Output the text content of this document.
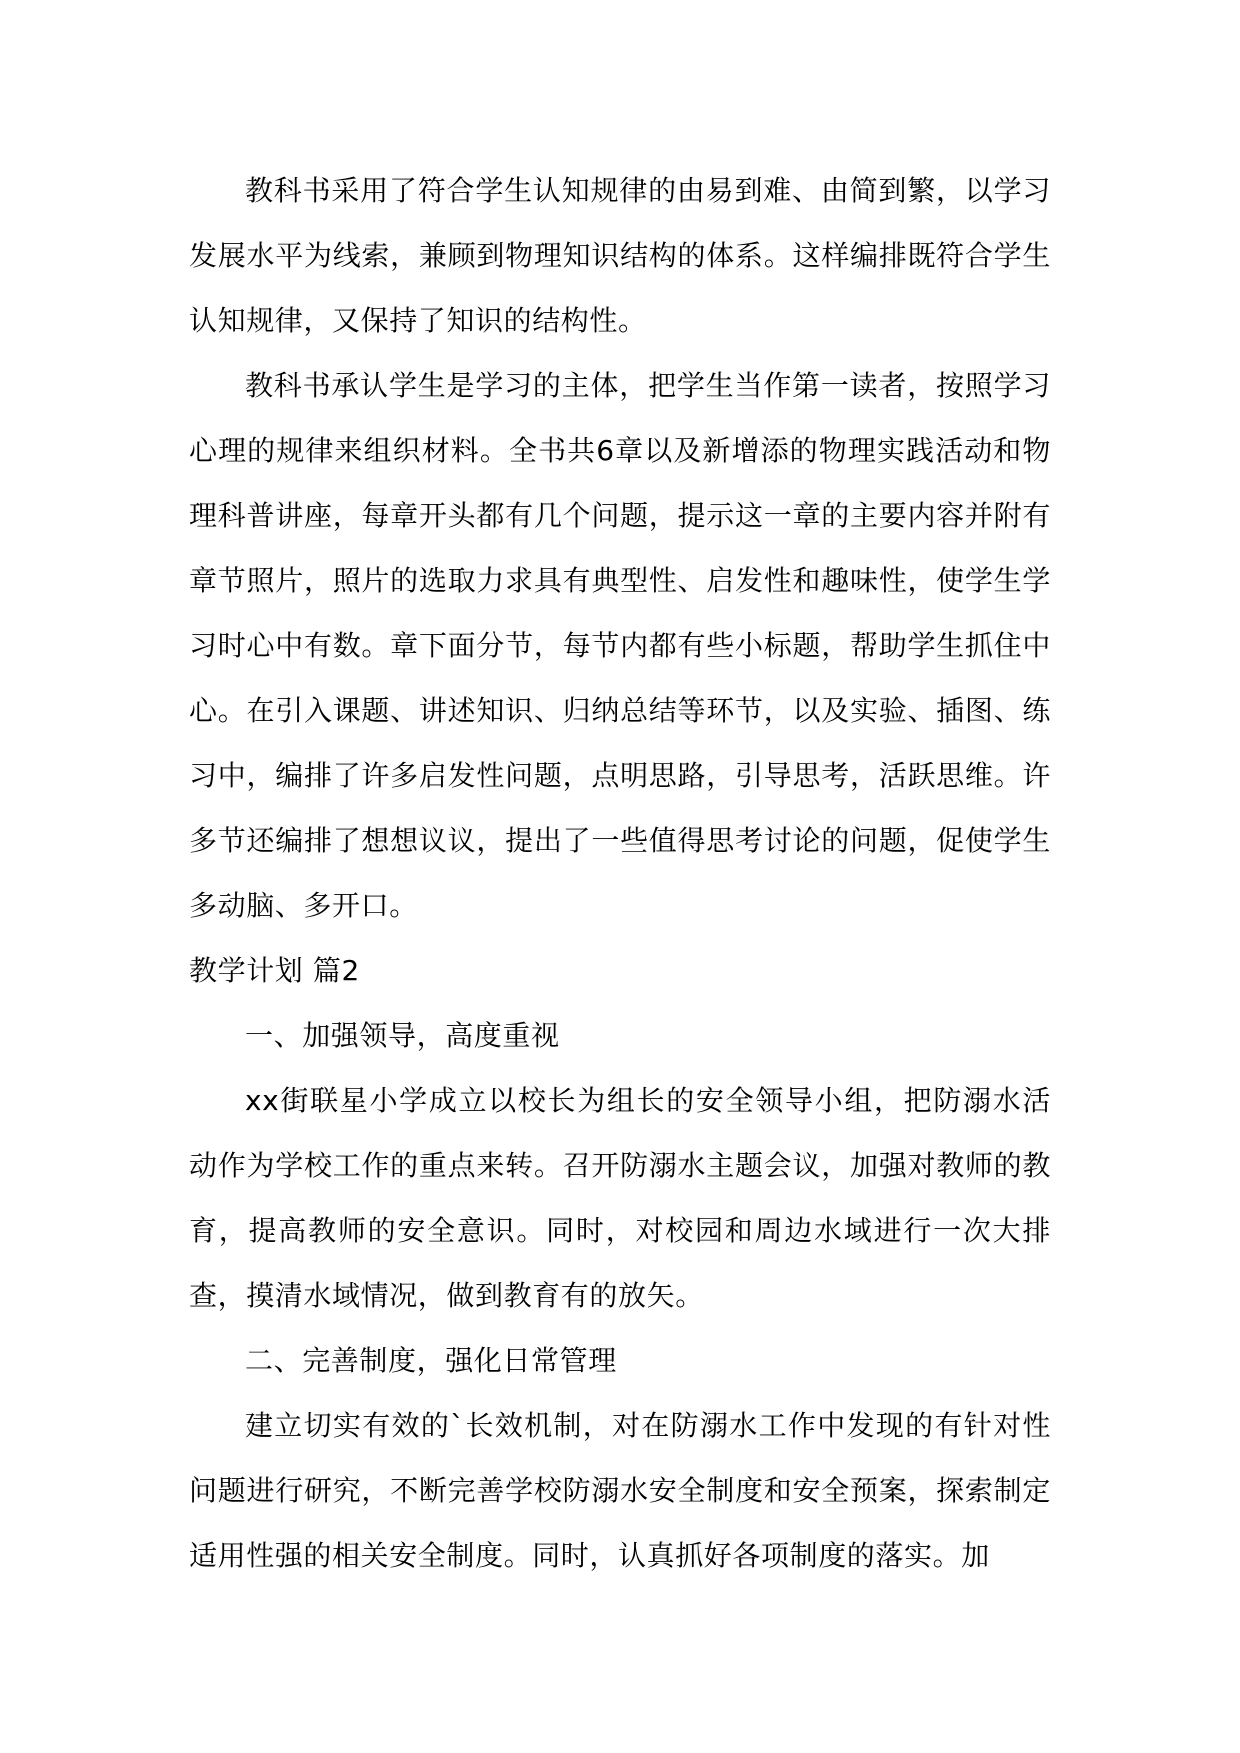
教科书采用了符合学生认知规律的由易到难、由简到繁，以学习发展水平为线索，兼顾到物理知识结构的体系。这样编排既符合学生认知规律，又保持了知识的结构性。

教科书承认学生是学习的主体，把学生当作第一读者，按照学习心理的规律来组织材料。全书共6章以及新增添的物理实践活动和物理科普讲座，每章开头都有几个问题，提示这一章的主要内容并附有章节照片，照片的选取力求具有典型性、启发性和趣味性，使学生学习时心中有数。章下面分节，每节内都有些小标题，帮助学生抓住中心。在引入课题、讲述知识、归纳总结等环节，以及实验、插图、练习中，编排了许多启发性问题，点明思路，引导思考，活跃思维。许多节还编排了想想议议，提出了一些值得思考讨论的问题，促使学生多动脑、多开口。

教学计划 篇2

一、加强领导，高度重视

xx街联星小学成立以校长为组长的安全领导小组，把防溺水活动作为学校工作的重点来转。召开防溺水主题会议，加强对教师的教育，提高教师的安全意识。同时，对校园和周边水域进行一次大排查，摸清水域情况，做到教育有的放矢。

二、完善制度，强化日常管理

建立切实有效的`长效机制，对在防溺水工作中发现的有针对性问题进行研究，不断完善学校防溺水安全制度和安全预案，探索制定适用性强的相关安全制度。同时，认真抓好各项制度的落实。加
